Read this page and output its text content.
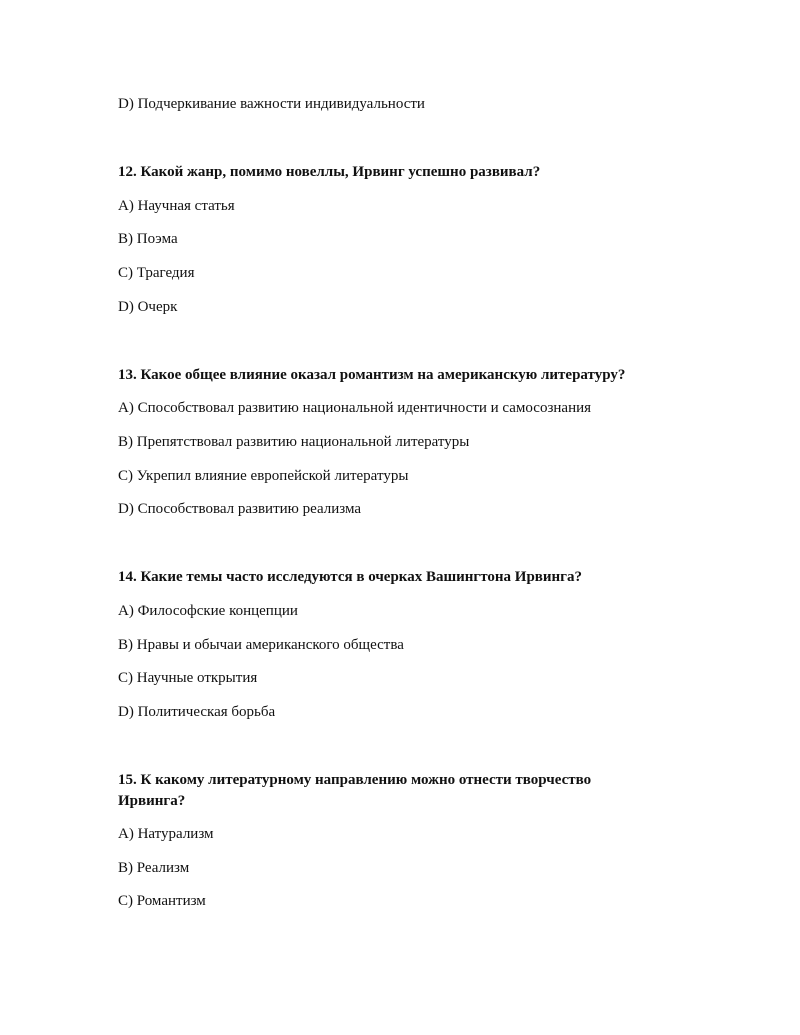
D) Подчеркивание важности индивидуальности
12. Какой жанр, помимо новеллы, Ирвинг успешно развивал?
A) Научная статья
B) Поэма
C) Трагедия
D) Очерк
13. Какое общее влияние оказал романтизм на американскую литературу?
A) Способствовал развитию национальной идентичности и самосознания
B) Препятствовал развитию национальной литературы
C) Укрепил влияние европейской литературы
D) Способствовал развитию реализма
14. Какие темы часто исследуются в очерках Вашингтона Ирвинга?
A) Философские концепции
B) Нравы и обычаи американского общества
C) Научные открытия
D) Политическая борьба
15. К какому литературному направлению можно отнести творчество
Ирвинга?
A) Натурализм
B) Реализм
C) Романтизм
